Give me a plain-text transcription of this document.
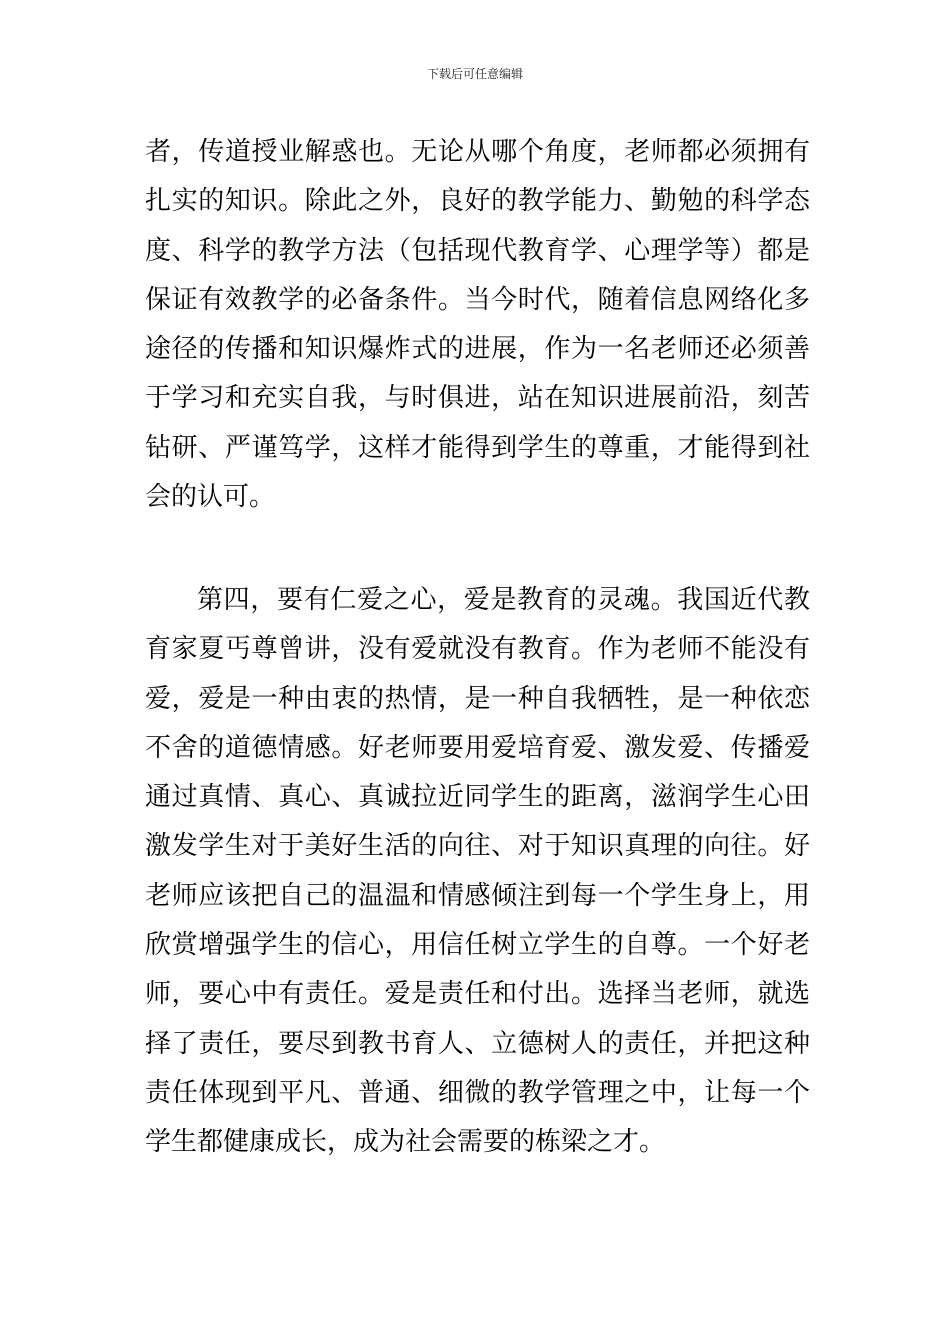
下载后可任意编辑

者，传道授业解惑也。无论从哪个角度，老师都必须拥有扎实的知识。除此之外，良好的教学能力、勤勉的科学态度、科学的教学方法（包括现代教育学、心理学等）都是保证有效教学的必备条件。当今时代，随着信息网络化多途径的传播和知识爆炸式的进展，作为一名老师还必须善于学习和充实自我，与时俱进，站在知识进展前沿，刻苦钻研、严谨笃学，这样才能得到学生的尊重，才能得到社会的认可。

第四，要有仁爱之心，爱是教育的灵魂。我国近代教育家夏丐尊曾讲，没有爱就没有教育。作为老师不能没有爱，爱是一种由衷的热情，是一种自我牺牲，是一种依恋不舍的道德情感。好老师要用爱培育爱、激发爱、传播爱通过真情、真心、真诚拉近同学生的距离，滋润学生心田激发学生对于美好生活的向往、对于知识真理的向往。好老师应该把自己的温温和情感倾注到每一个学生身上，用欣赏增强学生的信心，用信任树立学生的自尊。一个好老师，要心中有责任。爱是责任和付出。选择当老师，就选择了责任，要尽到教书育人、立德树人的责任，并把这种责任体现到平凡、普通、细微的教学管理之中，让每一个学生都健康成长，成为社会需要的栋梁之才。
